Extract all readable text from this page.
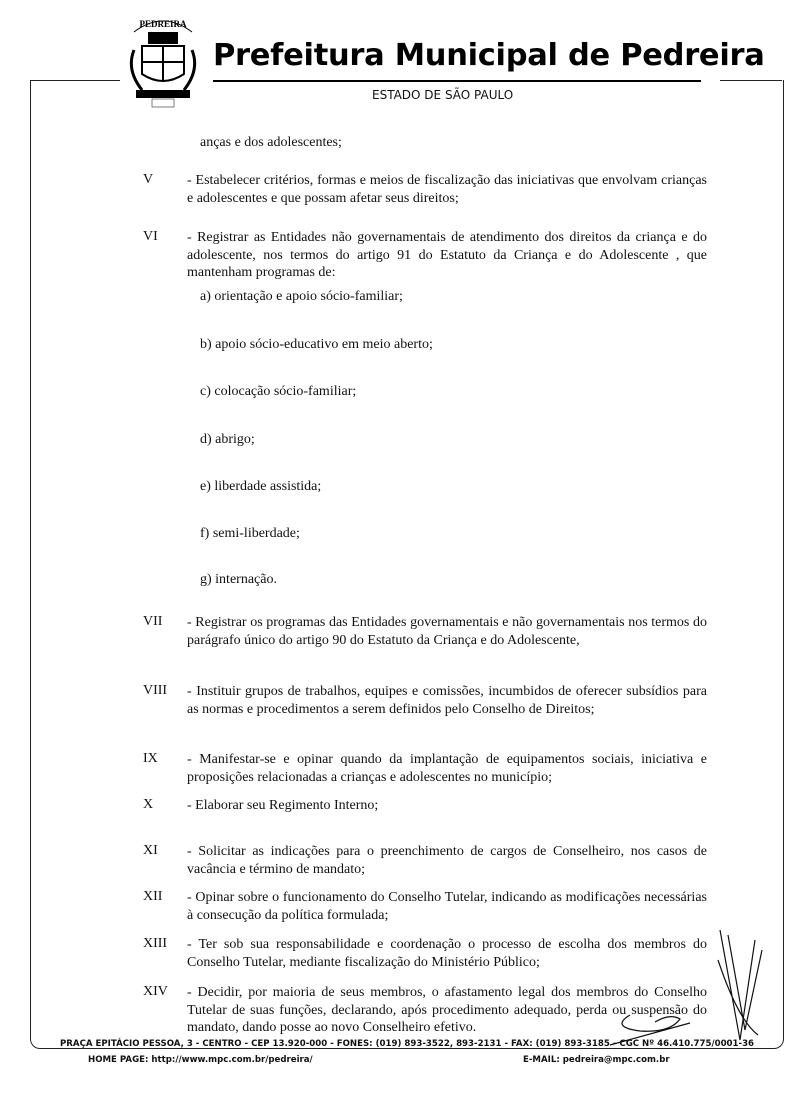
PEDREIRA
Prefeitura Municipal de Pedreira
ESTADO DE SÃO PAULO
anças e dos adolescentes;
V	- Estabelecer critérios, formas e meios de fiscalização das iniciativas que envolvam crianças e adolescentes e que possam afetar seus direitos;
VI	- Registrar as Entidades não governamentais de atendimento dos direitos da criança e do adolescente, nos termos do artigo 91 do Estatuto da Criança e do Adolescente , que mantenham programas de:
a) orientação e apoio sócio-familiar;
b) apoio sócio-educativo em meio aberto;
c) colocação sócio-familiar;
d) abrigo;
e) liberdade assistida;
f) semi-liberdade;
g) internação.
VII	- Registrar os programas das Entidades governamentais e não governamentais nos termos do parágrafo único do artigo 90 do Estatuto da Criança e do Adolescente,
VIII	- Instituir grupos de trabalhos, equipes e comissões, incumbidos de oferecer subsídios para as normas e procedimentos a serem definidos pelo Conselho de Direitos;
IX	- Manifestar-se e opinar quando da implantação de equipamentos sociais, iniciativa e proposições relacionadas a crianças e adolescentes no município;
X	- Elaborar seu Regimento Interno;
XI	- Solicitar as indicações para o preenchimento de cargos de Conselheiro, nos casos de vacância e término de mandato;
XII	- Opinar sobre o funcionamento do Conselho Tutelar, indicando as modificações necessárias à consecução da política formulada;
XIII	- Ter sob sua responsabilidade e coordenação o processo de escolha dos membros do Conselho Tutelar, mediante fiscalização do Ministério Público;
XIV	- Decidir, por maioria de seus membros, o afastamento legal dos membros do Conselho Tutelar de suas funções, declarando, após procedimento adequado, perda ou suspensão do mandato, dando posse ao novo Conselheiro efetivo.
PRAÇA EPITÁCIO PESSOA, 3 - CENTRO - CEP 13.920-000 - FONES: (019) 893-3522, 893-2131 - FAX: (019) 893-3185 - CGC Nº 46.410.775/0001-36
HOME PAGE: http://www.mpc.com.br/pedreira/	E-MAIL: pedreira@mpc.com.br
